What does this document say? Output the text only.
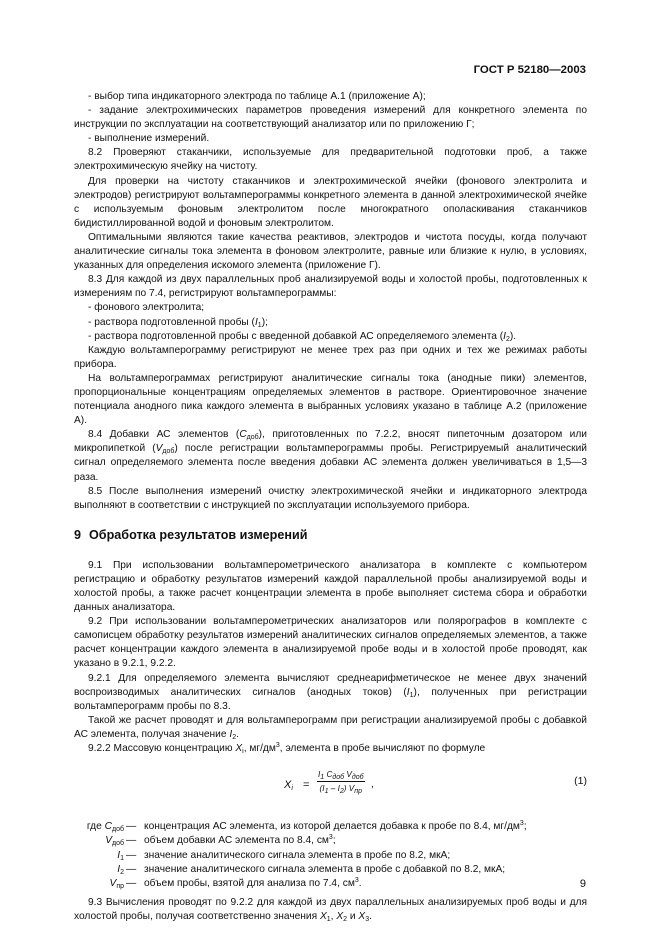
ГОСТ Р 52180—2003

- выбор типа индикаторного электрода по таблице А.1 (приложение А);

- задание электрохимических параметров проведения измерений для конкретного элемента по инструкции по эксплуатации на соответствующий анализатор или по приложению Г;

- выполнение измерений.

8.2 Проверяют стаканчики, используемые для предварительной подготовки проб, а также электрохимическую ячейку на чистоту.

Для проверки на чистоту стаканчиков и электрохимической ячейки (фонового электролита и электродов) регистрируют вольтамперограммы конкретного элемента в данной электрохимической ячейке с используемым фоновым электролитом после многократного ополаскивания стаканчиков бидистиллированной водой и фоновым электролитом.

Оптимальными являются такие качества реактивов, электродов и чистота посуды, когда получают аналитические сигналы тока элемента в фоновом электролите, равные или близкие к нулю, в условиях, указанных для определения искомого элемента (приложение Г).

8.3 Для каждой из двух параллельных проб анализируемой воды и холостой пробы, подготовленных к измерениям по 7.4, регистрируют вольтамперограммы:

- фонового электролита;

- раствора подготовленной пробы $(I_1)$;

- раствора подготовленной пробы с введенной добавкой АС определяемого элемента $(I_2)$.

Каждую вольтамперограмму регистрируют не менее трех раз при одних и тех же режимах работы прибора.

На вольтамперограммах регистрируют аналитические сигналы тока (анодные пики) элементов, пропорциональные концентрациям определяемых элементов в растворе. Ориентировочное значение потенциала анодного пика каждого элемента в выбранных условиях указано в таблице А.2 (приложение А).

8.4 Добавки АС элементов $(C_{доб})$, приготовленных по 7.2.2, вносят пипеточным дозатором или микропипеткой $(V_{доб})$ после регистрации вольтамперограммы пробы. Регистрируемый аналитический сигнал определяемого элемента после введения добавки АС элемента должен увеличиваться в 1,5—3 раза.

8.5 После выполнения измерений очистку электрохимической ячейки и индикаторного электрода выполняют в соответствии с инструкцией по эксплуатации используемого прибора.

9 Обработка результатов измерений

9.1 При использовании вольтамперометрического анализатора в комплекте с компьютером регистрацию и обработку результатов измерений каждой параллельной пробы анализируемой воды и холостой пробы, а также расчет концентрации элемента в пробе выполняет система сбора и обработки данных анализатора.

9.2 При использовании вольтамперометрических анализаторов или полярографов в комплекте с самописцем обработку результатов измерений аналитических сигналов определяемых элементов, а также расчет концентрации каждого элемента в анализируемой пробе воды и в холостой пробе проводят, как указано в 9.2.1, 9.2.2.

9.2.1 Для определяемого элемента вычисляют среднеарифметическое не менее двух значений воспроизводимых аналитических сигналов (анодных токов) $(I_1)$, полученных при регистрации вольтамперограмм пробы по 8.3.

Такой же расчет проводят и для вольтамперограмм при регистрации анализируемой пробы с добавкой АС элемента, получая значение $I_2$.

9.2.2 Массовую концентрацию $X_i$, $мг/дм^3$, элемента в пробе вычисляют по формуле

$X_i$ =
$I_1$ $C_{доб}$ $V_{доб}$
$(I_1 - I_2)$ $V_{пр}$
,	(1)
где $C_{доб}$ — концентрация АС элемента, из которой делается добавка к пробе по 8.4, $мг/дм^3$;
$V_{доб}$ — объем добавки АС элемента по 8.4, $см^3$;
$I_1$ — значение аналитического сигнала элемента в пробе по 8.2, мкА;
$I_2$ — значение аналитического сигнала элемента в пробе с добавкой по 8.2, мкА;
$V_{пр}$ — объем пробы, взятой для анализа по 7.4, $см^3$.

9.3 Вычисления проводят по 9.2.2 для каждой из двух параллельных анализируемых проб воды и для холостой пробы, получая соответственно значения $X_1$, $X_2$ и $X_3$.

9
